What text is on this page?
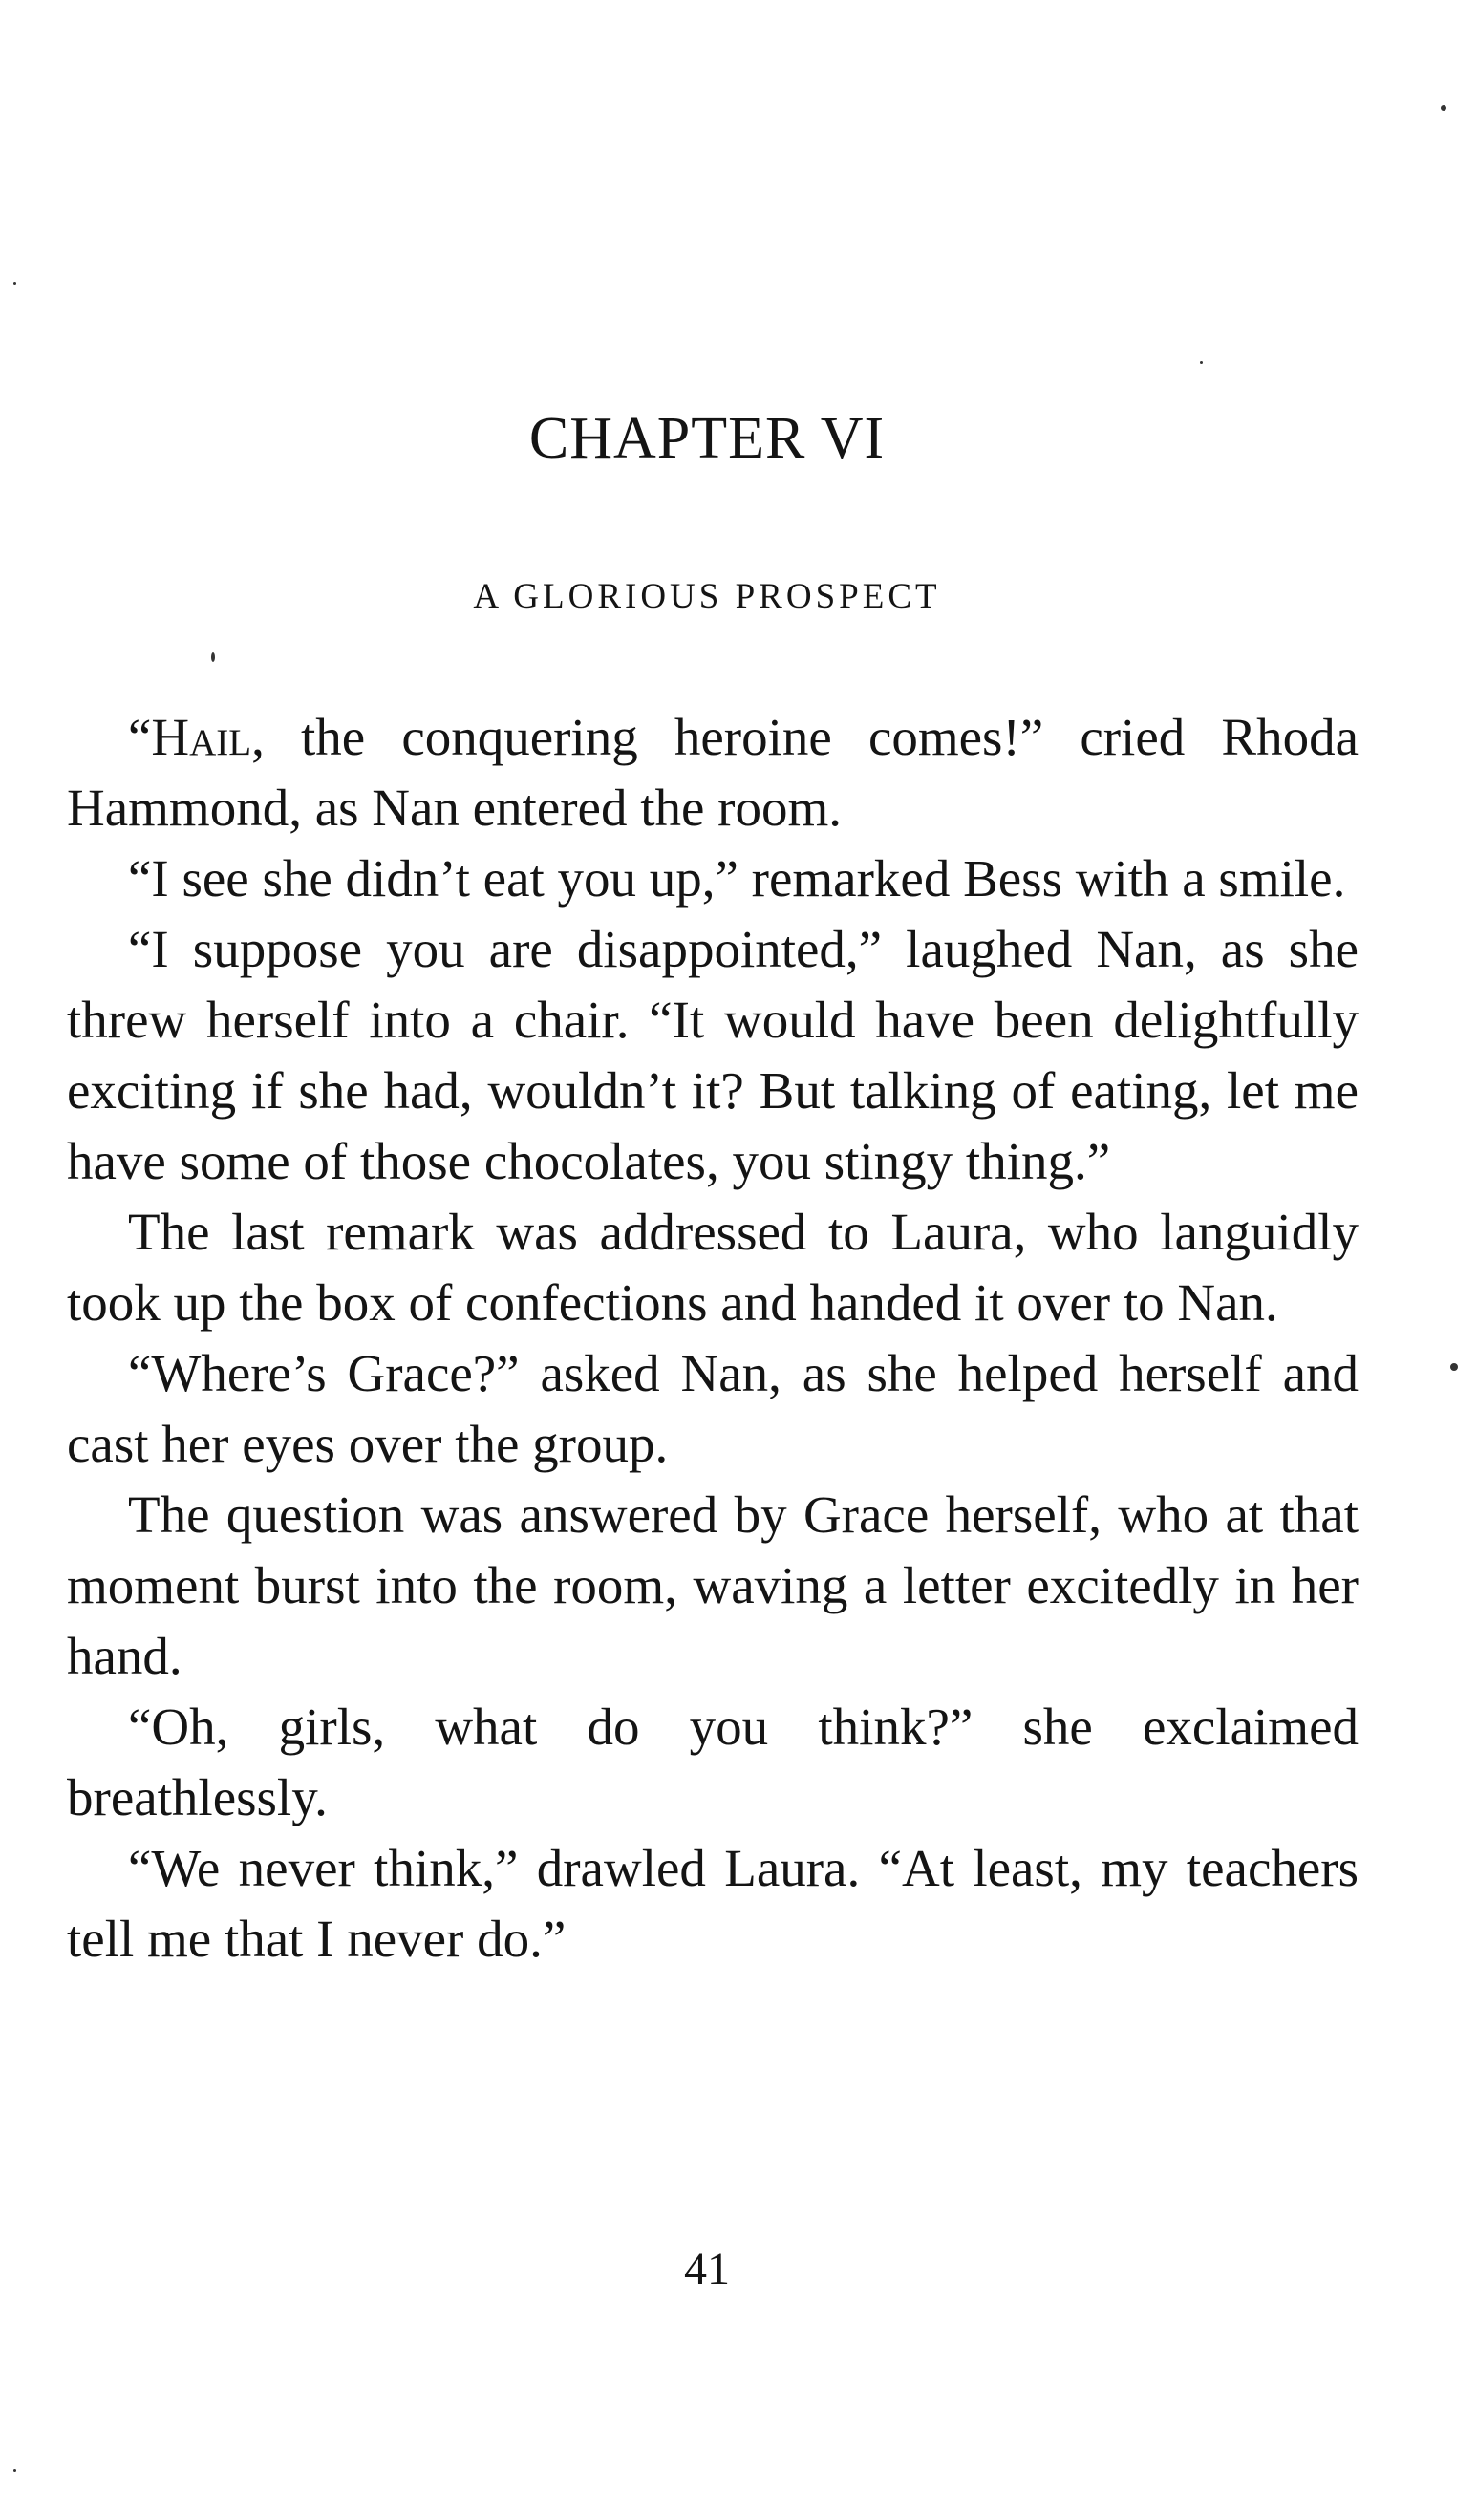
CHAPTER VI
A GLORIOUS PROSPECT

“Hail, the conquering heroine comes!” cried Rhoda Hammond, as Nan entered the room.

“I see she didn’t eat you up,” remarked Bess with a smile.

“I suppose you are disappointed,” laughed Nan, as she threw herself into a chair. “It would have been delightfully exciting if she had, wouldn’t it? But talking of eating, let me have some of those chocolates, you stingy thing.”

The last remark was addressed to Laura, who languidly took up the box of confections and handed it over to Nan.

“Where’s Grace?” asked Nan, as she helped herself and cast her eyes over the group.

The question was answered by Grace herself, who at that moment burst into the room, waving a letter excitedly in her hand.

“Oh, girls, what do you think?” she exclaimed breathlessly.

“We never think,” drawled Laura. “At least, my teachers tell me that I never do.”

41
